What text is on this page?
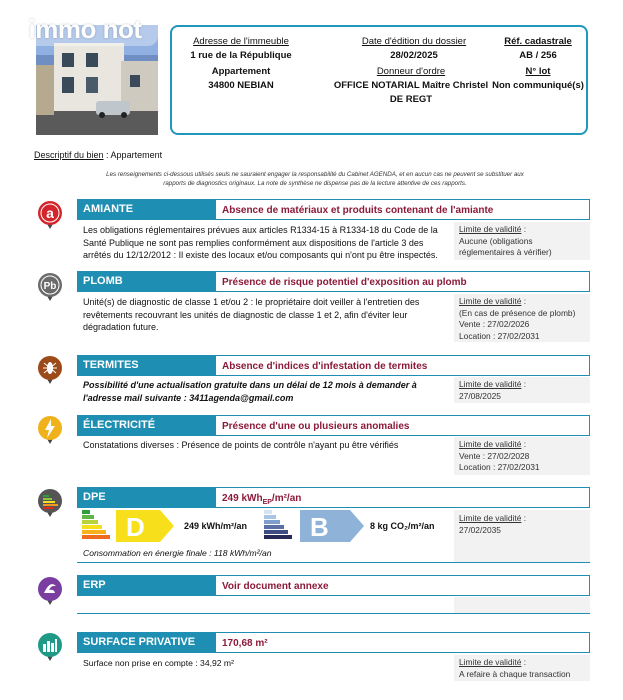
immo not	Adresse de l'immeuble
1 rue de la République
Appartement
34800 NEBIAN
Date d'édition du dossier
28/02/2025
Réf. cadastrale
AB / 256
Donneur d'ordre
OFFICE NOTARIAL Maître Christel
DE REGT
N° lot
Non communiqué(s)
Descriptif du bien : Appartement
Les renseignements ci-dessous utilisés seuls ne sauraient engager la responsabilité du Cabinet AGENDA, et en aucun cas ne peuvent se substituer aux rapports de diagnostics originaux. La note de synthèse ne dispense pas de la lecture attentive de ces rapports.
a	AMIANTE	Absence de matériaux et produits contenant de l'amiante
Les obligations réglementaires prévues aux articles R1334-15 à R1334-18 du Code de la Santé Publique ne sont pas remplies conformément aux dispositions de l'article 3 des arrêtés du 12/12/2012 : Il existe des locaux et/ou composants qui n'ont pu être inspectés.
Limite de validité :
Aucune (obligations
réglementaires à vérifier)
Pb	PLOMB	Présence de risque potentiel d'exposition au plomb
Unité(s) de diagnostic de classe 1 et/ou 2 : le propriétaire doit veiller à l'entretien des revêtements recouvrant les unités de diagnostic de classe 1 et 2, afin d'éviter leur dégradation future.
Limite de validité :
(En cas de présence de plomb)
Vente : 27/02/2026
Location : 27/02/2031
TERMITES	Absence d'indices d'infestation de termites
Possibilité d'une actualisation gratuite dans un délai de 12 mois à demander à l'adresse mail suivante : 3411agenda@gmail.com
Limite de validité :
27/08/2025
ÉLECTRICITÉ	Présence d'une ou plusieurs anomalies
Constatations diverses : Présence de points de contrôle n'ayant pu être vérifiés	Limite de validité :
Vente : 27/02/2028
Location : 27/02/2031
DPE	249 kWh$_{EP}$/m²/an
D	249 kWh/m²/an B	8 kg CO₂/m²/an
Consommation en énergie finale : 118 kWh/m²/an
Limite de validité :
27/02/2035
ERP	Voir document annexe
SURFACE PRIVATIVE	170,68 m²
Surface non prise en compte : 34,92 m²	Limite de validité :
A refaire à chaque transaction
